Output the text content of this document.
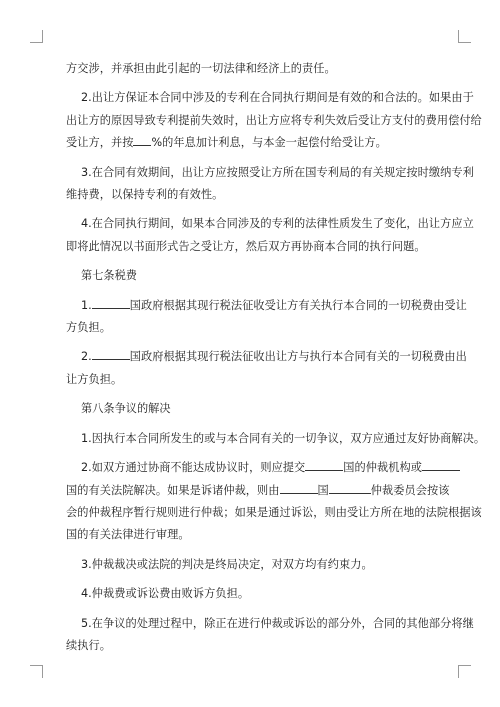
方交涉，并承担由此引起的一切法律和经济上的责任。
2.出让方保证本合同中涉及的专利在合同执行期间是有效的和合法的。如果由于
出让方的原因导致专利提前失效时，出让方应将专利失效后受让方支付的费用偿付给
受让方，并按 %的年息加计利息，与本金一起偿付给受让方。
3.在合同有效期间，出让方应按照受让方所在国专利局的有关规定按时缴纳专利
维持费，以保持专利的有效性。
4.在合同执行期间，如果本合同涉及的专利的法律性质发生了变化，出让方应立
即将此情况以书面形式告之受让方，然后双方再协商本合同的执行问题。
第七条税费
1.	国政府根据其现行税法征收受让方有关执行本合同的一切税费由受让
方负担。
2.	国政府根据其现行税法征收出让方与执行本合同有关的一切税费由出
让方负担。
第八条争议的解决
1.因执行本合同所发生的或与本合同有关的一切争议，双方应通过友好协商解决。
2.如双方通过协商不能达成协议时，则应提交	国的仲裁机构或
国的有关法院解决。如果是诉诸仲裁，则由	国	仲裁委员会按该
会的仲裁程序暂行规则进行仲裁；如果是通过诉讼，则由受让方所在地的法院根据该
国的有关法律进行审理。
3.仲裁裁决或法院的判决是终局决定，对双方均有约束力。
4.仲裁费或诉讼费由败诉方负担。
5.在争议的处理过程中，除正在进行仲裁或诉讼的部分外，合同的其他部分将继
续执行。
